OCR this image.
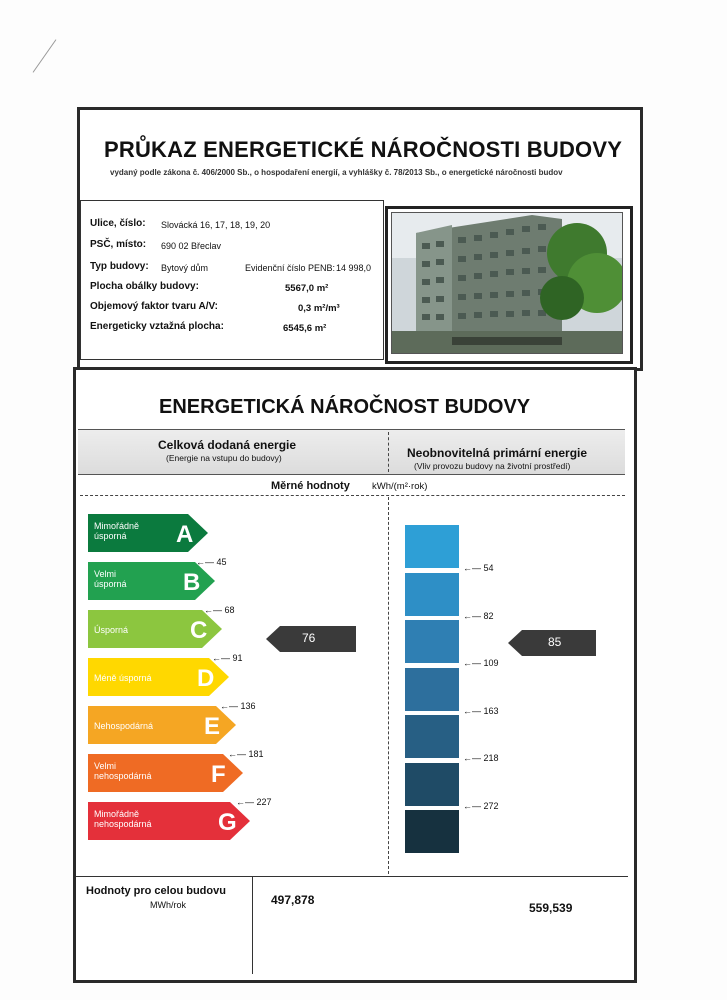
PRŮKAZ ENERGETICKÉ NÁROČNOSTI BUDOVY
vydaný podle zákona č. 406/2000 Sb., o hospodaření energií, a vyhlášky č. 78/2013 Sb., o energetické náročnosti budov
Ulice, číslo: Slovácká 16, 17, 18, 19, 20
PSČ, místo: 690 02 Břeclav
Typ budovy: Bytový dům	Evidenční číslo PENB: 14 998,0
Plocha obálky budovy:	5567,0 m²
Objemový faktor tvaru A/V:	0,3 m²/m³
Energeticky vztažná plocha:	6545,6 m²
ENERGETICKÁ NÁROČNOST BUDOVY
Celková dodaná energie
(Energie na vstupu do budovy)	Neobnovitelná primární energie
(Vliv provozu budovy na životní prostředí)
Měrné hodnoty kWh/(m²·rok)
Mimořádně
úsporná A
Velmi
úsporná B
Úsporná	C
Méně úsporná D
Nehospodárná E
Velmi
nehospodárná F
Mimořádně
nehospodárná	G
←— 45
←— 68
←— 91
←— 136
←— 181
←— 227
76
←— 54
←— 82
←— 109
←— 163
←— 218
←— 272
85
Hodnoty pro celou budovu
MWh/rok	497,878
559,539
